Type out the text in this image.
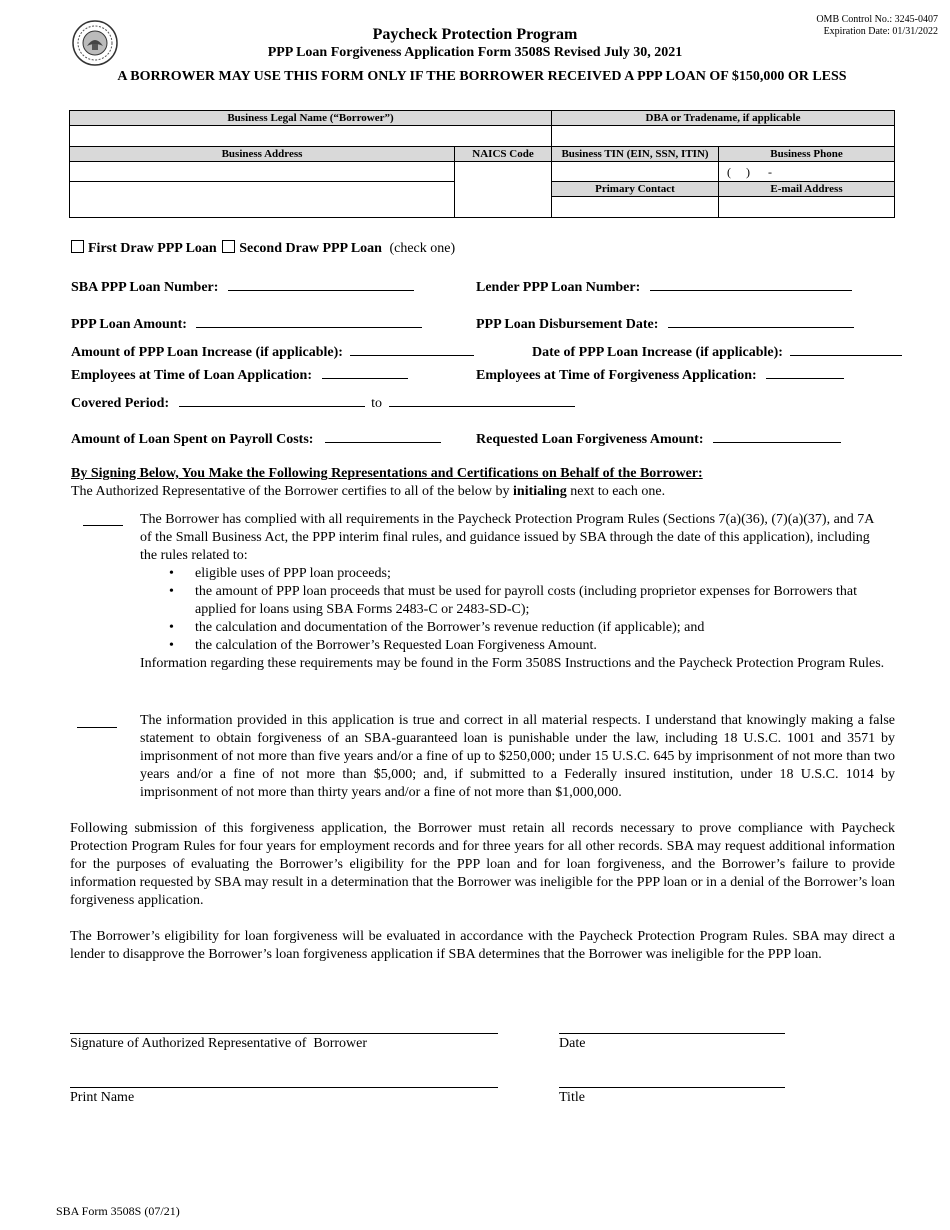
OMB Control No.: 3245-0407
Expiration Date: 01/31/2022
Paycheck Protection Program
PPP Loan Forgiveness Application Form 3508S Revised July 30, 2021
A BORROWER MAY USE THIS FORM ONLY IF THE BORROWER RECEIVED A PPP LOAN OF $150,000 OR LESS
Business Legal Name (“Borrower”)	DBA or Tradename, if applicable
Business Address	NAICS Code	Business TIN (EIN, SSN, ITIN)	Business Phone
(     )      -
Primary Contact	E-mail Address
First Draw PPP Loan Second Draw PPP Loan (check one)
SBA PPP Loan Number:	Lender PPP Loan Number:
PPP Loan Amount:	PPP Loan Disbursement Date:
Amount of PPP Loan Increase (if applicable):	Date of PPP Loan Increase (if applicable):
Employees at Time of Loan Application:	Employees at Time of Forgiveness Application:
Covered Period:	to
Amount of Loan Spent on Payroll Costs:	Requested Loan Forgiveness Amount:
By Signing Below, You Make the Following Representations and Certifications on Behalf of the Borrower:
The Authorized Representative of the Borrower certifies to all of the below by initialing next to each one.
The Borrower has complied with all requirements in the Paycheck Protection Program Rules (Sections 7(a)(36), (7)(a)(37), and 7A of the Small Business Act, the PPP interim final rules, and guidance issued by SBA through the date of this application), including the rules related to:
• eligible uses of PPP loan proceeds;
• the amount of PPP loan proceeds that must be used for payroll costs (including proprietor expenses for Borrowers that applied for loans using SBA Forms 2483-C or 2483-SD-C);
• the calculation and documentation of the Borrower’s revenue reduction (if applicable); and
• the calculation of the Borrower’s Requested Loan Forgiveness Amount.
Information regarding these requirements may be found in the Form 3508S Instructions and the Paycheck Protection Program Rules.
The information provided in this application is true and correct in all material respects. I understand that knowingly making a false statement to obtain forgiveness of an SBA-guaranteed loan is punishable under the law, including 18 U.S.C. 1001 and 3571 by imprisonment of not more than five years and/or a fine of up to $250,000; under 15 U.S.C. 645 by imprisonment of not more than two years and/or a fine of not more than $5,000; and, if submitted to a Federally insured institution, under 18 U.S.C. 1014 by imprisonment of not more than thirty years and/or a fine of not more than $1,000,000.
Following submission of this forgiveness application, the Borrower must retain all records necessary to prove compliance with Paycheck Protection Program Rules for four years for employment records and for three years for all other records. SBA may request additional information for the purposes of evaluating the Borrower’s eligibility for the PPP loan and for loan forgiveness, and the Borrower’s failure to provide information requested by SBA may result in a determination that the Borrower was ineligible for the PPP loan or in a denial of the Borrower’s loan forgiveness application.
The Borrower’s eligibility for loan forgiveness will be evaluated in accordance with the Paycheck Protection Program Rules. SBA may direct a lender to disapprove the Borrower’s loan forgiveness application if SBA determines that the Borrower was ineligible for the PPP loan.
Signature of Authorized Representative of  Borrower	Date
Print Name	Title
SBA Form 3508S (07/21)
